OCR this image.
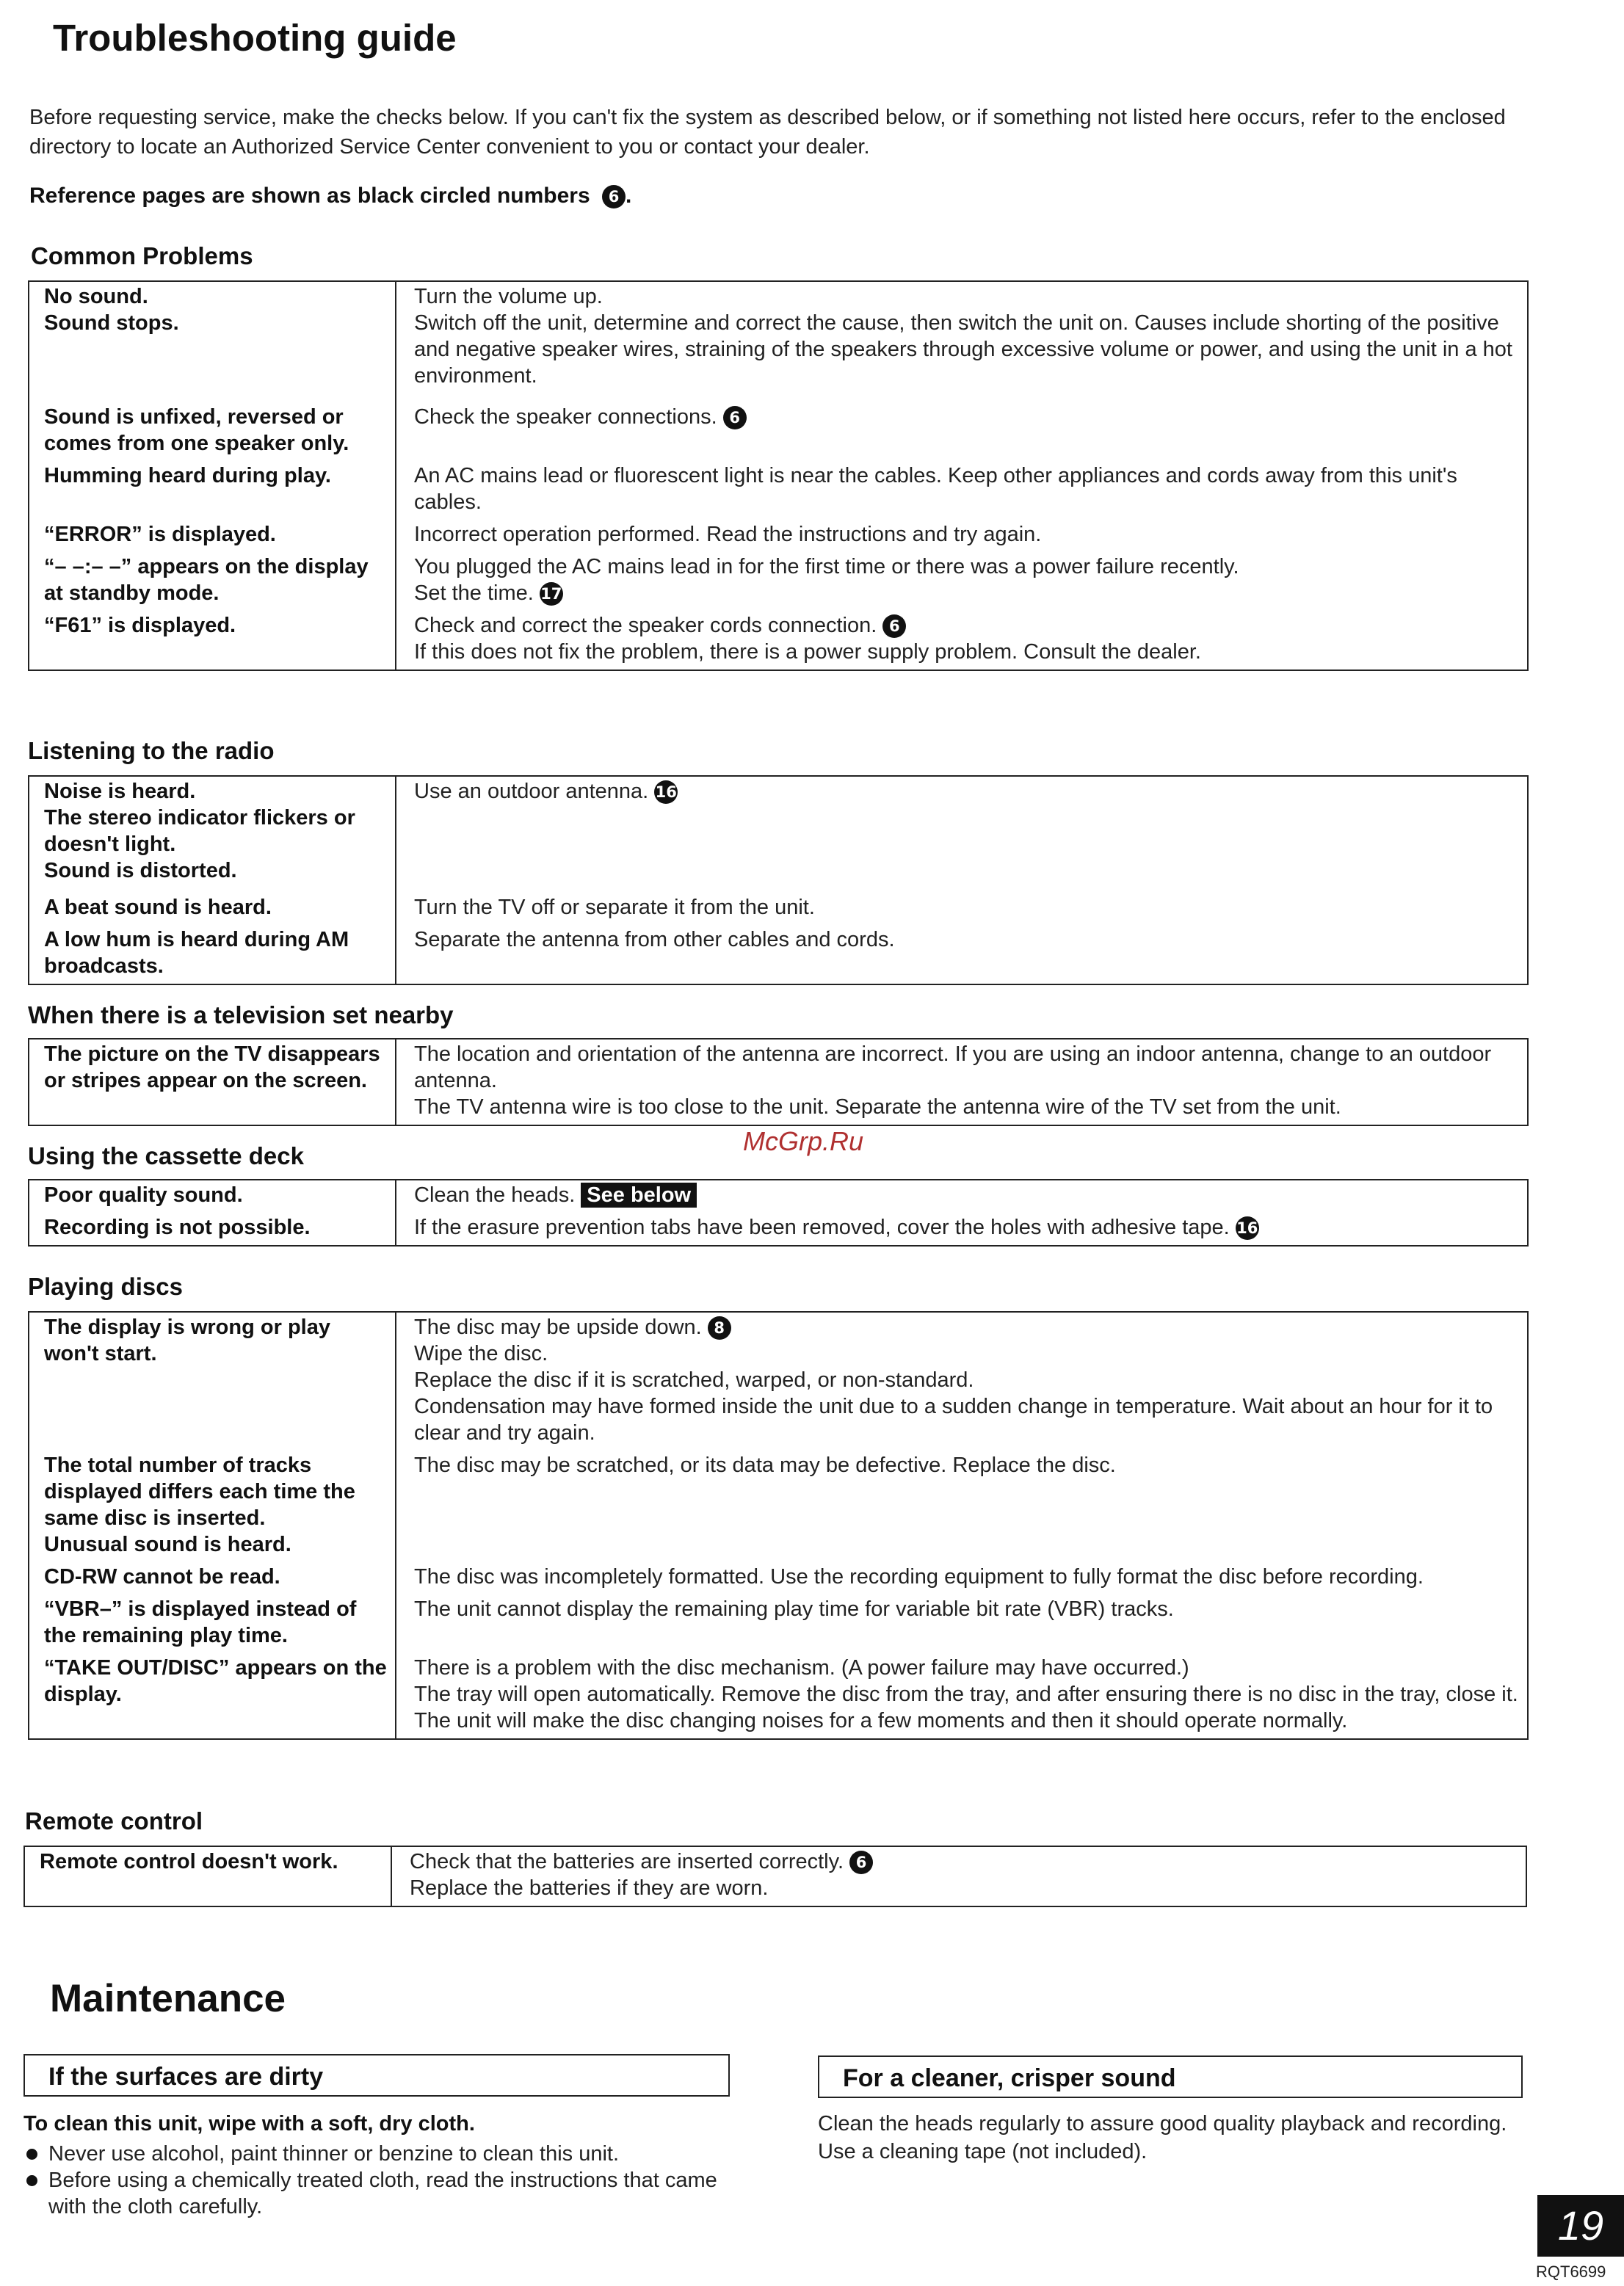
Troubleshooting guide
Before requesting service, make the checks below. If you can't fix the system as described below, or if something not listed here occurs, refer to the enclosed directory to locate an Authorized Service Center convenient to you or contact your dealer.
Reference pages are shown as black circled numbers 6 .
Common Problems
No sound.
Sound stops.	Turn the volume up.
Switch off the unit, determine and correct the cause, then switch the unit on. Causes include shorting of the positive and negative speaker wires, straining of the speakers through excessive volume or power, and using the unit in a hot environment.
Sound is unfixed, reversed or comes from one speaker only.	Check the speaker connections. 6
Humming heard during play.	An AC mains lead or fluorescent light is near the cables. Keep other appliances and cords away from this unit's cables.
“ERROR” is displayed.	Incorrect operation performed. Read the instructions and try again.
“– –:– –” appears on the display at standby mode.	You plugged the AC mains lead in for the first time or there was a power failure recently.
Set the time. 17
“F61” is displayed.	Check and correct the speaker cords connection. 6
If this does not fix the problem, there is a power supply problem. Consult the dealer.
Listening to the radio
Noise is heard.
The stereo indicator flickers or doesn't light.
Sound is distorted.	Use an outdoor antenna. 16
A beat sound is heard.	Turn the TV off or separate it from the unit.
A low hum is heard during AM broadcasts.	Separate the antenna from other cables and cords.
When there is a television set nearby
The picture on the TV disappears or stripes appear on the screen.	The location and orientation of the antenna are incorrect. If you are using an indoor antenna, change to an outdoor antenna.
The TV antenna wire is too close to the unit. Separate the antenna wire of the TV set from the unit.
McGrp.Ru
Using the cassette deck
Poor quality sound.	Clean the heads. See below
Recording is not possible.	If the erasure prevention tabs have been removed, cover the holes with adhesive tape. 16
Playing discs
The display is wrong or play won't start.	The disc may be upside down. 8
Wipe the disc.
Replace the disc if it is scratched, warped, or non-standard.
Condensation may have formed inside the unit due to a sudden change in temperature. Wait about an hour for it to clear and try again.

The total number of tracks displayed differs each time the same disc is inserted.
Unusual sound is heard.	The disc may be scratched, or its data may be defective. Replace the disc.
CD-RW cannot be read.	The disc was incompletely formatted. Use the recording equipment to fully format the disc before recording.
“VBR–” is displayed instead of the remaining play time.	The unit cannot display the remaining play time for variable bit rate (VBR) tracks.
“TAKE OUT/DISC” appears on the display.	There is a problem with the disc mechanism. (A power failure may have occurred.)
The tray will open automatically. Remove the disc from the tray, and after ensuring there is no disc in the tray, close it. The unit will make the disc changing noises for a few moments and then it should operate normally.
Remote control
Remote control doesn't work.	Check that the batteries are inserted correctly. 6
Replace the batteries if they are worn.
Maintenance
If the surfaces are dirty
To clean this unit, wipe with a soft, dry cloth.
Never use alcohol, paint thinner or benzine to clean this unit.
Before using a chemically treated cloth, read the instructions that came with the cloth carefully.
For a cleaner, crisper sound
Clean the heads regularly to assure good quality playback and recording.
Use a cleaning tape (not included).
19
RQT6699
